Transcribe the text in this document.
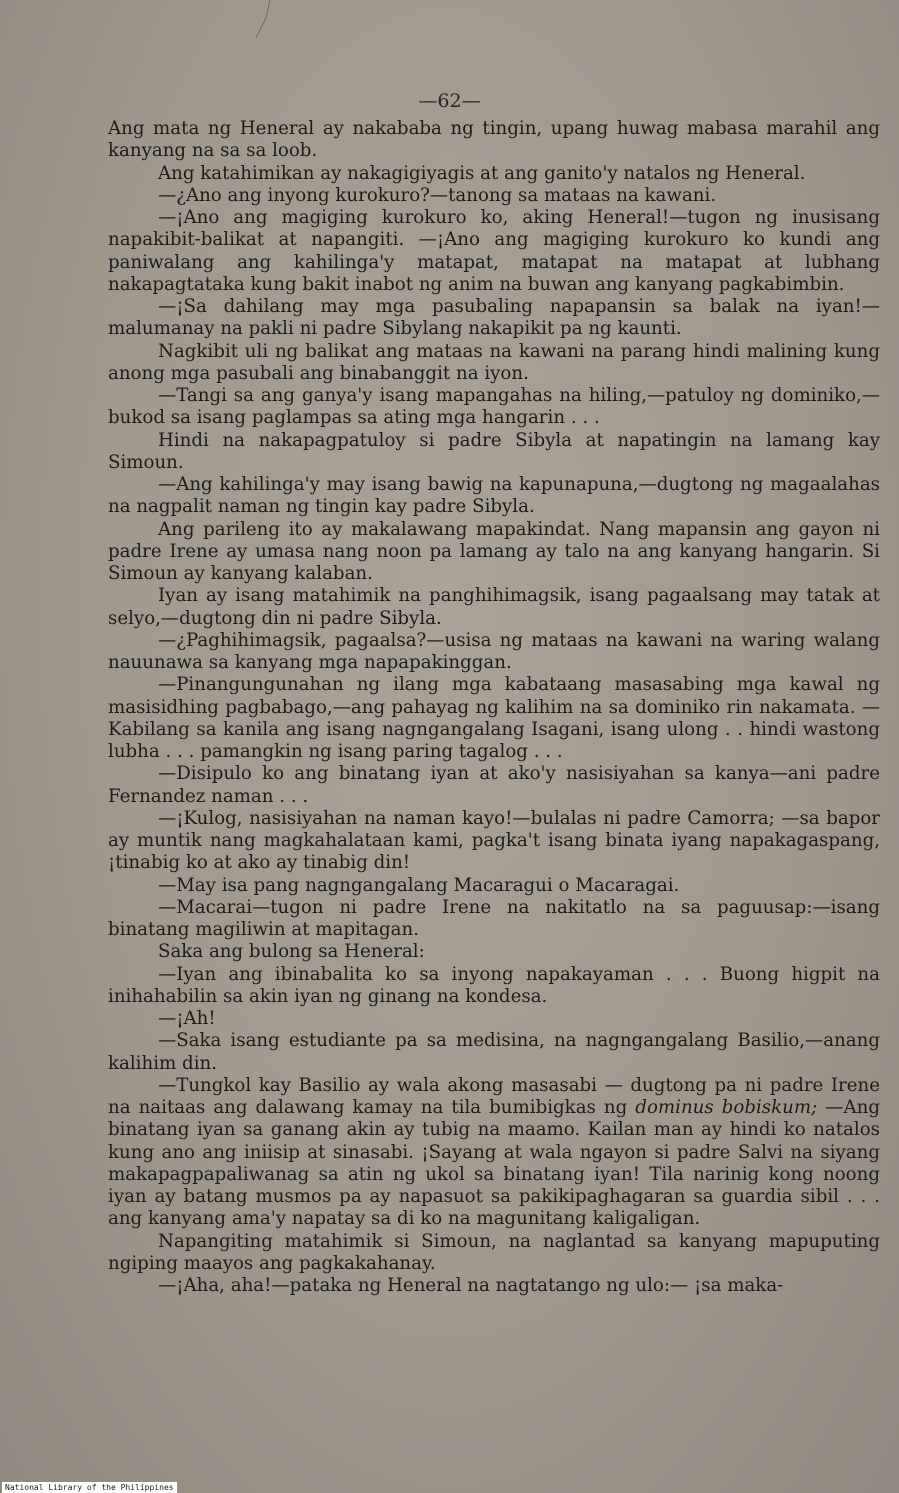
—62—

Ang mata ng Heneral ay nakababa ng tingin, upang huwag mabasa marahil ang kanyang na sa sa loob.

Ang katahimikan ay nakagigiyagis at ang ganito'y natalos ng Heneral.

—¿Ano ang inyong kurokuro?—tanong sa mataas na kawani.

—¡Ano ang magiging kurokuro ko, aking Heneral!—tugon ng inusisang napakibit-balikat at napangiti. —¡Ano ang magiging kurokuro ko kundi ang paniwalang ang kahilinga'y matapat, matapat na matapat at lubhang nakapagtataka kung bakit inabot ng anim na buwan ang kanyang pagkabimbin.

—¡Sa dahilang may mga pasubaling napapansin sa balak na iyan!— malumanay na pakli ni padre Sibylang nakapikit pa ng kaunti.

Nagkibit uli ng balikat ang mataas na kawani na parang hindi malining kung anong mga pasubali ang binabanggit na iyon.

—Tangi sa ang ganya'y isang mapangahas na hiling,—patuloy ng dominiko,—bukod sa isang paglampas sa ating mga hangarin . . .

Hindi na nakapagpatuloy si padre Sibyla at napatingin na lamang kay Simoun.

—Ang kahilinga'y may isang bawig na kapunapuna,—dugtong ng magaalahas na nagpalit naman ng tingin kay padre Sibyla.

Ang parileng ito ay makalawang mapakindat. Nang mapansin ang gayon ni padre Irene ay umasa nang noon pa lamang ay talo na ang kanyang hangarin. Si Simoun ay kanyang kalaban.

Iyan ay isang matahimik na panghihimagsik, isang pagaalsang may tatak at selyo,—dugtong din ni padre Sibyla.

—¿Paghihimagsik, pagaalsa?—usisa ng mataas na kawani na waring walang nauunawa sa kanyang mga napapakinggan.

—Pinangungunahan ng ilang mga kabataang masasabing mga kawal ng masisidhing pagbabago,—ang pahayag ng kalihim na sa dominiko rin nakamata. —Kabilang sa kanila ang isang nagngangalang Isagani, isang ulong . . hindi wastong lubha . . . pamangkin ng isang paring tagalog . . .

—Disipulo ko ang binatang iyan at ako'y nasisiyahan sa kanya—ani padre Fernandez naman . . .

—¡Kulog, nasisiyahan na naman kayo!—bulalas ni padre Camorra; —sa bapor ay muntik nang magkahalataan kami, pagka't isang binata iyang napakagaspang, ¡tinabig ko at ako ay tinabig din!

—May isa pang nagngangalang Macaragui o Macaragai.

—Macarai—tugon ni padre Irene na nakitatlo na sa paguusap:—isang binatang magiliwin at mapitagan.

Saka ang bulong sa Heneral:

—Iyan ang ibinabalita ko sa inyong napakayaman . . . Buong higpit na inihahabilin sa akin iyan ng ginang na kondesa.

—¡Ah!

—Saka isang estudiante pa sa medisina, na nagngangalang Basilio,—anang kalihim din.

—Tungkol kay Basilio ay wala akong masasabi — dugtong pa ni padre Irene na naitaas ang dalawang kamay na tila bumibigkas ng dominus bobiskum; —Ang binatang iyan sa ganang akin ay tubig na maamo. Kailan man ay hindi ko natalos kung ano ang iniisip at sinasabi. ¡Sayang at wala ngayon si padre Salvi na siyang makapagpapaliwanag sa atin ng ukol sa binatang iyan! Tila narinig kong noong iyan ay batang musmos pa ay napasuot sa pakikipaghagaran sa guardia sibil . . . ang kanyang ama'y napatay sa di ko na magunitang kaligaligan.

Napangiting matahimik si Simoun, na naglantad sa kanyang mapuputing ngiping maayos ang pagkakahanay.

—¡Aha, aha!—pataka ng Heneral na nagtatango ng ulo:— ¡sa maka-

National Library of the Philippines
